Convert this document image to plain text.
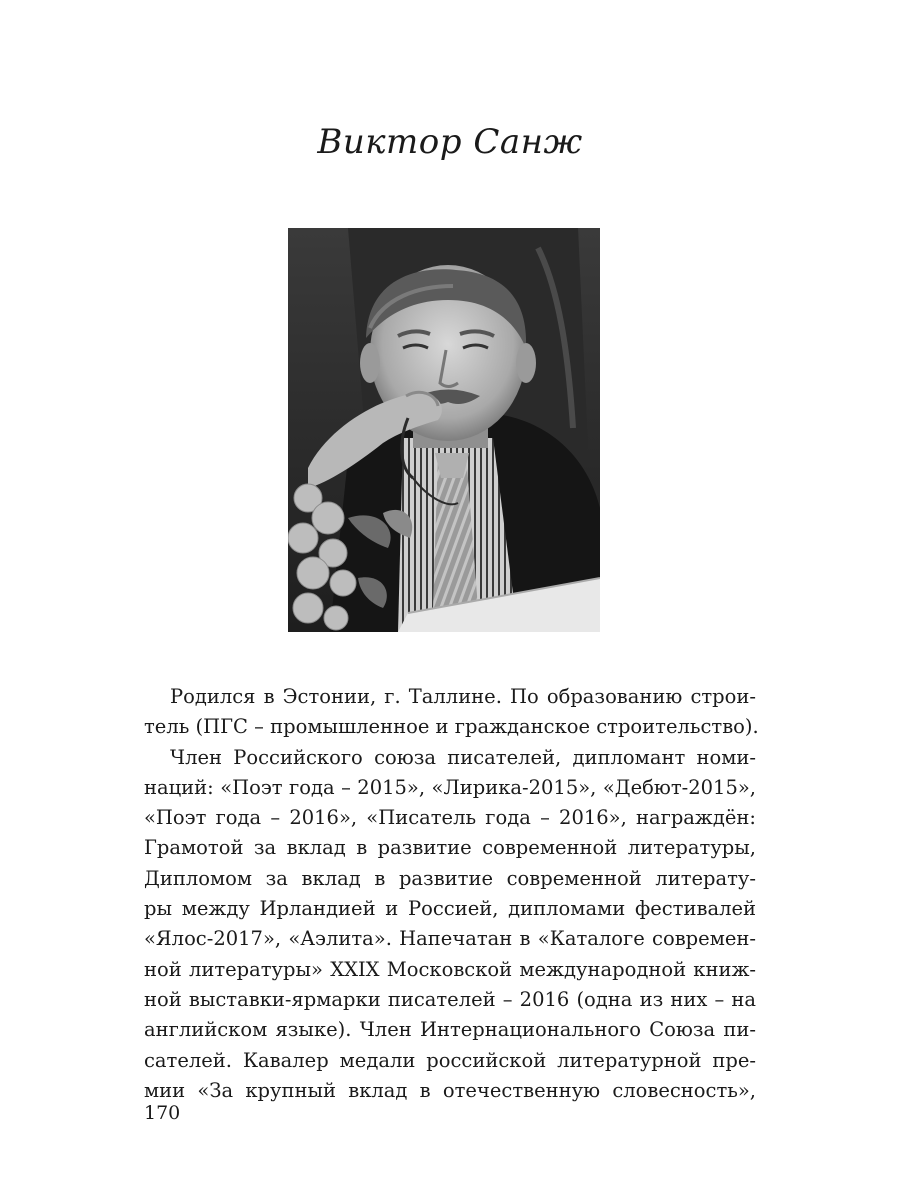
Виктор Санж
Родился в Эстонии, г. Таллине. По образованию строи-
тель (ПГС – промышленное и гражданское строительство).
Член Российского союза писателей, дипломант номи-
наций: «Поэт года – 2015», «Лирика-2015», «Дебют-2015»,
«Поэт года – 2016», «Писатель года – 2016», награждён:
Грамотой за вклад в развитие современной литературы,
Дипломом за вклад в развитие современной литерату-
ры между Ирландией и Россией, дипломами фестивалей
«Ялос-2017», «Аэлита». Напечатан в «Каталоге современ-
ной литературы» XXIX Московской международной книж-
ной выставки-ярмарки писателей – 2016 (одна из них – на
английском языке). Член Интернационального Союза пи-
сателей. Кавалер медали российской литературной пре-
мии «За крупный вклад в отечественную словесность»,
170
